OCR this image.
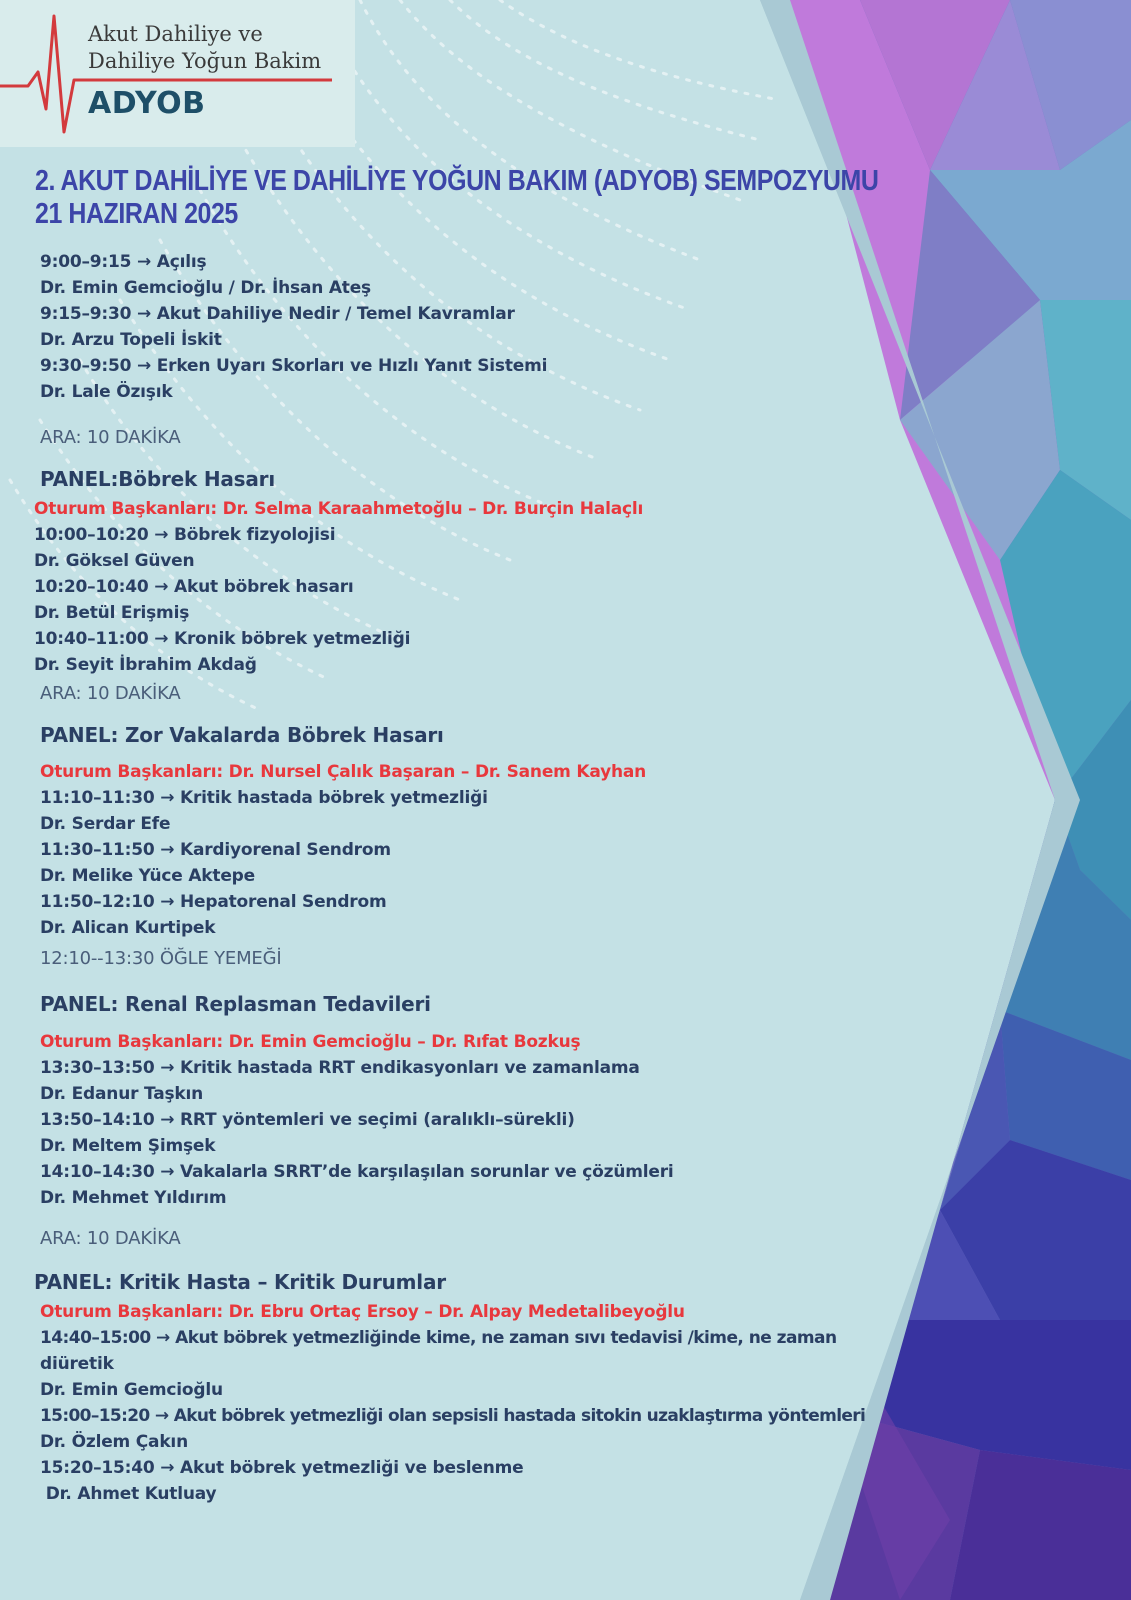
Akut Dahiliye ve
Dahiliye Yoğun Bakim
ADYOB
2. AKUT DAHİLİYE VE DAHİLİYE YOĞUN BAKIM (ADYOB) SEMPOZYUMU
21 HAZIRAN 2025
9:00–9:15 → Açılış
Dr. Emin Gemcioğlu / Dr. İhsan Ateş
9:15–9:30 → Akut Dahiliye Nedir / Temel Kavramlar
Dr. Arzu Topeli İskit
9:30–9:50 → Erken Uyarı Skorları ve Hızlı Yanıt Sistemi
Dr. Lale Özışık
ARA: 10 DAKİKA
PANEL:Böbrek Hasarı
Oturum Başkanları: Dr. Selma Karaahmetoğlu – Dr. Burçin Halaçlı
10:00–10:20 → Böbrek fizyolojisi
Dr. Göksel Güven
10:20–10:40 → Akut böbrek hasarı
Dr. Betül Erişmiş
10:40–11:00 → Kronik böbrek yetmezliği
Dr. Seyit İbrahim Akdağ
ARA: 10 DAKİKA
PANEL: Zor Vakalarda Böbrek Hasarı
Oturum Başkanları: Dr. Nursel Çalık Başaran – Dr. Sanem Kayhan
11:10–11:30 → Kritik hastada böbrek yetmezliği
Dr. Serdar Efe
11:30–11:50 → Kardiyorenal Sendrom
Dr. Melike Yüce Aktepe
11:50–12:10 → Hepatorenal Sendrom
Dr. Alican Kurtipek
12:10--13:30 ÖĞLE YEMEĞİ
PANEL: Renal Replasman Tedavileri
Oturum Başkanları: Dr. Emin Gemcioğlu – Dr. Rıfat Bozkuş
13:30–13:50 → Kritik hastada RRT endikasyonları ve zamanlama
Dr. Edanur Taşkın
13:50–14:10 → RRT yöntemleri ve seçimi (aralıklı–sürekli)
Dr. Meltem Şimşek
14:10–14:30 → Vakalarla SRRT’de karşılaşılan sorunlar ve çözümleri
Dr. Mehmet Yıldırım
ARA: 10 DAKİKA
PANEL: Kritik Hasta – Kritik Durumlar
Oturum Başkanları: Dr. Ebru Ortaç Ersoy – Dr. Alpay Medetalibeyoğlu
14:40–15:00 → Akut böbrek yetmezliğinde kime, ne zaman sıvı tedavisi /kime, ne zaman
diüretik
Dr. Emin Gemcioğlu
15:00–15:20 → Akut böbrek yetmezliği olan sepsisli hastada sitokin uzaklaştırma yöntemleri
Dr. Özlem Çakın
15:20–15:40 → Akut böbrek yetmezliği ve beslenme
Dr. Ahmet Kutluay
